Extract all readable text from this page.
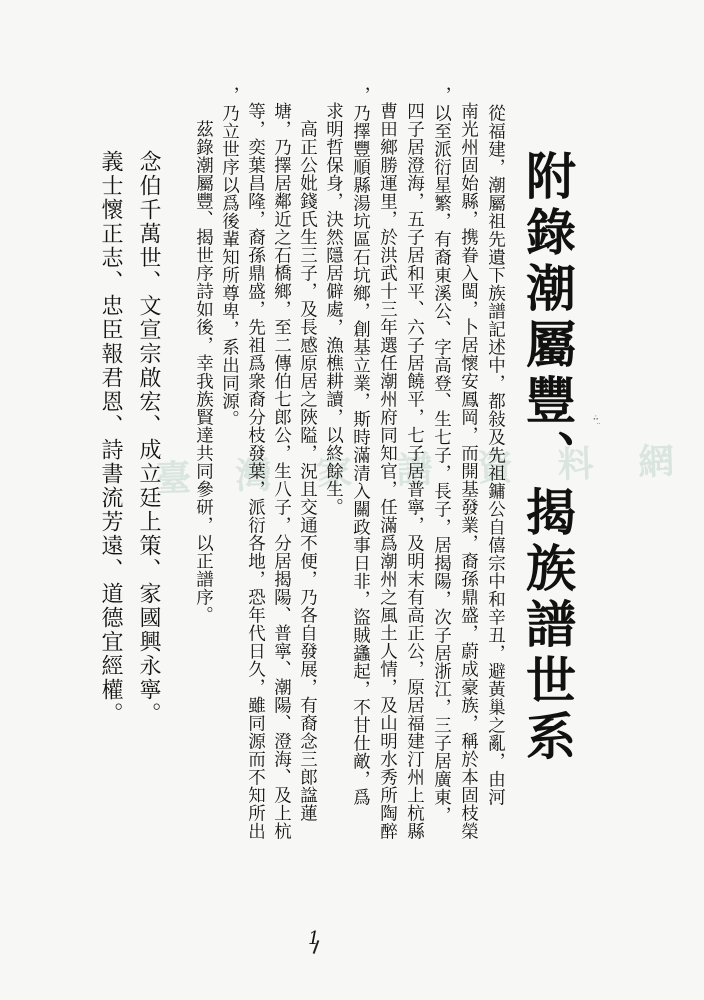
臺 灣 家 譜 資 料 網
附錄潮屬豐、揭族譜世系 ꞏ̇ꞏ̤
從福建，潮屬祖先遺下族譜記述中，都敍及先祖鏞公自僖宗中和辛丑，避黃巢之亂，由河
南光州固始縣，携眷入閩，卜居懷安鳳岡，而開基發業，裔孫鼎盛，蔚成豪族，稱於本固枝榮
，以至派衍星繁，有裔東溪公、字高登、生七子，長子，居揭陽，次子居浙江，三子居廣東，
四子居澄海，五子居和平、六子居饒平，七子居普寧，及明末有高正公，原居福建汀州上杭縣
曹田鄉勝運里，於洪武十三年選任潮州府同知官，任滿爲潮州之風土人情，及山明水秀所陶醉
，乃擇豐順縣湯坑區石坑鄉，創基立業，斯時滿清入關政事日非，盜賊蠭起，不甘仕敵，爲
求明哲保身，決然隱居僻處，漁樵耕讀，以終餘生。
　高正公妣錢氏生三子，及長感原居之陜隘，況且交通不便，乃各自發展，有裔念三郎諡蓮
塘，乃擇居鄰近之石橋鄉，至二傳伯七郎公，生八子，分居揭陽、普寧、潮陽、澄海、及上杭
等，奕葉昌隆，裔孫鼎盛，先祖爲衆裔分枝發葉，派衍各地，恐年代日久，雖同源而不知所出
，乃立世序以爲後輩知所尊卑，系出同源。
　茲錄潮屬豐、揭世序詩如後，幸我族賢達共同參研，以正譜序。
念伯千萬世、文宣宗啟宏、成立廷上策、家國興永寧。
義士懷正志、忠臣報君恩、詩書流芳遠、道德宜經權。
1
